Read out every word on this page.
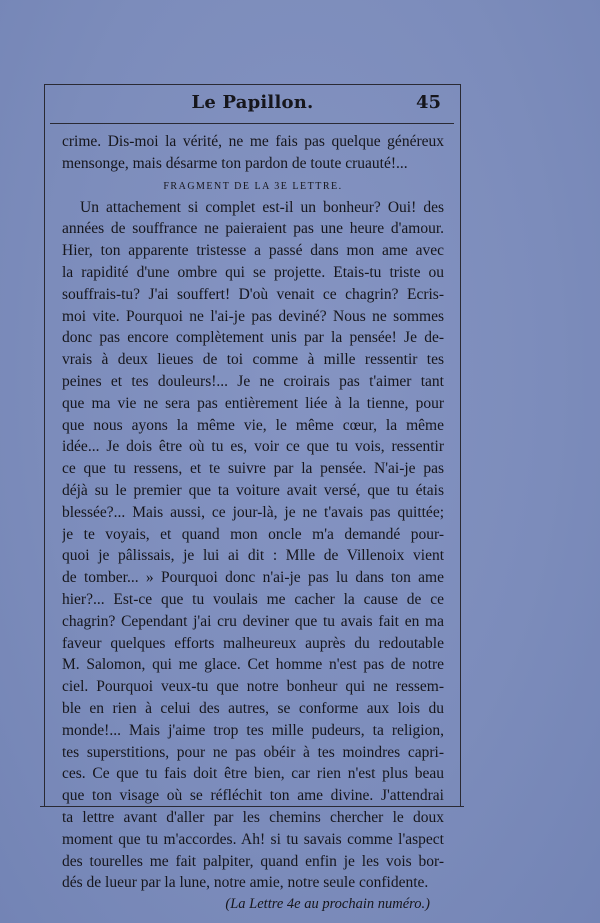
Le Papillon.	45
crime. Dis-moi la vérité, ne me fais pas quelque généreux
mensonge, mais désarme ton pardon de toute cruauté!...
FRAGMENT DE LA 3E LETTRE.
Un attachement si complet est-il un bonheur? Oui! des
années de souffrance ne paieraient pas une heure d'amour.
Hier, ton apparente tristesse a passé dans mon ame avec
la rapidité d'une ombre qui se projette. Etais-tu triste ou
souffrais-tu? J'ai souffert! D'où venait ce chagrin? Ecris-
moi vite. Pourquoi ne l'ai-je pas deviné? Nous ne sommes
donc pas encore complètement unis par la pensée! Je de-
vrais à deux lieues de toi comme à mille ressentir tes
peines et tes douleurs!... Je ne croirais pas t'aimer tant
que ma vie ne sera pas entièrement liée à la tienne, pour
que nous ayons la même vie, le même cœur, la même
idée... Je dois être où tu es, voir ce que tu vois, ressentir
ce que tu ressens, et te suivre par la pensée. N'ai-je pas
déjà su le premier que ta voiture avait versé, que tu étais
blessée?... Mais aussi, ce jour-là, je ne t'avais pas quittée;
je te voyais, et quand mon oncle m'a demandé pour-
quoi je pâlissais, je lui ai dit : Mlle de Villenoix vient
de tomber... » Pourquoi donc n'ai-je pas lu dans ton ame
hier?... Est-ce que tu voulais me cacher la cause de ce
chagrin? Cependant j'ai cru deviner que tu avais fait en ma
faveur quelques efforts malheureux auprès du redoutable
M. Salomon, qui me glace. Cet homme n'est pas de notre
ciel. Pourquoi veux-tu que notre bonheur qui ne ressem-
ble en rien à celui des autres, se conforme aux lois du
monde!... Mais j'aime trop tes mille pudeurs, ta religion,
tes superstitions, pour ne pas obéir à tes moindres capri-
ces. Ce que tu fais doit être bien, car rien n'est plus beau
que ton visage où se réfléchit ton ame divine. J'attendrai
ta lettre avant d'aller par les chemins chercher le doux
moment que tu m'accordes. Ah! si tu savais comme l'aspect
des tourelles me fait palpiter, quand enfin je les vois bor-
dés de lueur par la lune, notre amie, notre seule confidente.
(La Lettre 4e au prochain numéro.)
